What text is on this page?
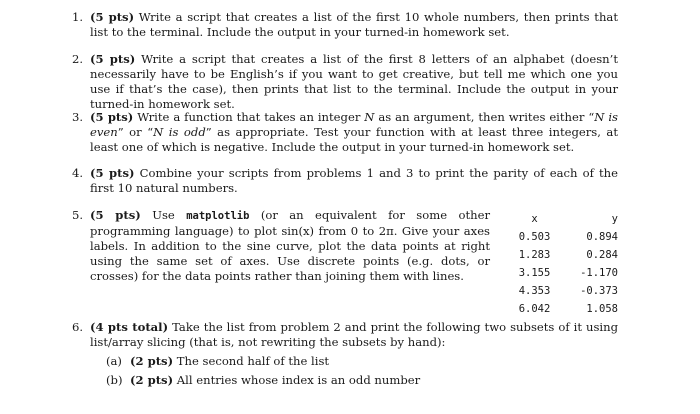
1. (5 pts) Write a script that creates a list of the first 10 whole numbers, then prints that list to the terminal. Include the output in your turned-in homework set.
2. (5 pts) Write a script that creates a list of the first 8 letters of an alphabet (doesn’t necessarily have to be English’s if you want to get creative, but tell me which one you use if that’s the case), then prints that list to the terminal. Include the output in your turned-in homework set.
3. (5 pts) Write a function that takes an integer N as an argument, then writes either “N is even” or “N is odd” as appropriate. Test your function with at least three integers, at least one of which is negative. Include the output in your turned-in homework set.
4. (5 pts) Combine your scripts from problems 1 and 3 to print the parity of each of the first 10 natural numbers.
5. (5 pts) Use matplotlib (or an equivalent for some other programming language) to plot sin(x) from 0 to 2π. Give your axes labels. In addition to the sine curve, plot the data points at right using the same set of axes. Use discrete points (e.g. dots, or crosses) for the data points rather than joining them with lines.
x	y
0.503	0.894
1.283	0.284
3.155	-1.170
4.353	-0.373
6.042	1.058
6. (4 pts total) Take the list from problem 2 and print the following two subsets of it using list/array slicing (that is, not rewriting the subsets by hand):
(a) (2 pts) The second half of the list
(b) (2 pts) All entries whose index is an odd number
